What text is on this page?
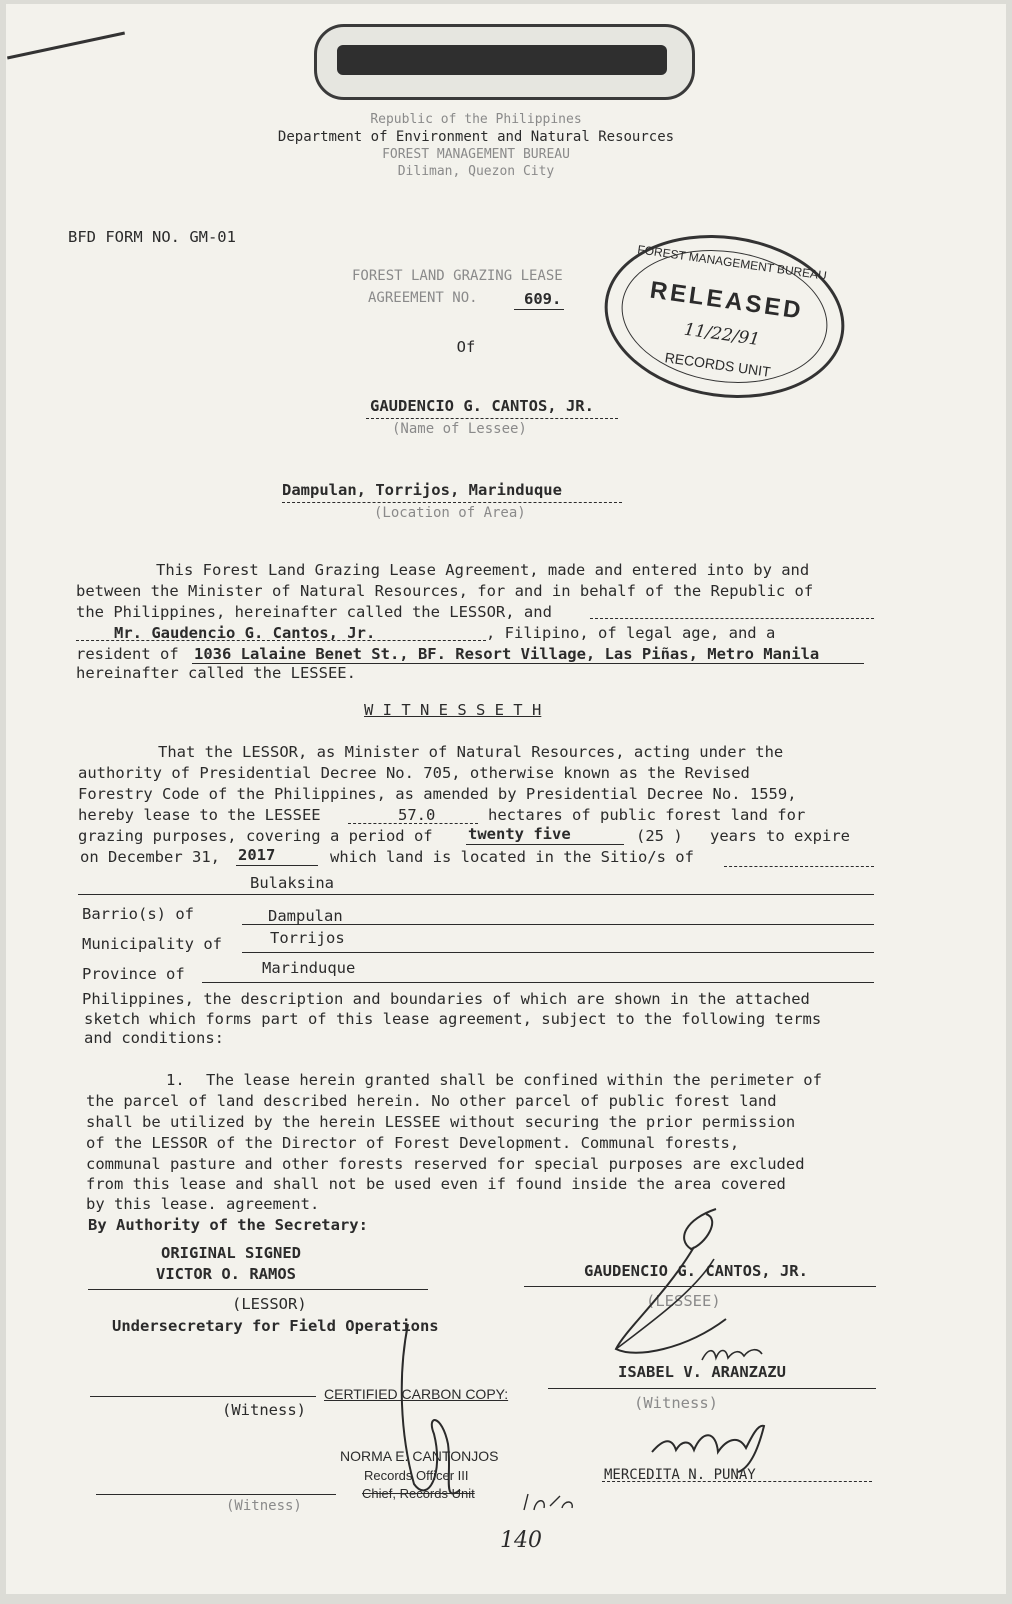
Republic of the Philippines
Department of Environment and Natural Resources
FOREST MANAGEMENT BUREAU
Diliman, Quezon City
BFD FORM NO. GM-01
FOREST LAND GRAZING LEASE
AGREEMENT NO.	609.
Of
FOREST MANAGEMENT BUREAU
RELEASED
11/22/91
RECORDS UNIT
GAUDENCIO G. CANTOS, JR.
(Name of Lessee)
Dampulan, Torrijos, Marinduque
(Location of Area)
This Forest Land Grazing Lease Agreement, made and entered into by and
between the Minister of Natural Resources, for and in behalf of the Republic of
the Philippines, hereinafter called the LESSOR, and
Mr. Gaudencio G. Cantos, Jr.	, Filipino, of legal age, and a
resident of 1036 Lalaine Benet St., BF. Resort Village, Las Piñas, Metro Manila
hereinafter called the LESSEE.
W I T N E S S E T H
That the LESSOR, as Minister of Natural Resources, acting under the
authority of Presidential Decree No. 705, otherwise known as the Revised
Forestry Code of the Philippines, as amended by Presidential Decree No. 1559,
hereby lease to the LESSEE	57.0	hectares of public forest land for
grazing purposes, covering a period of twenty five	(25 ) years to expire
on December 31, 2017	which land is located in the Sitio/s of
Bulaksina
Barrio(s) of	Dampulan
Municipality of	Torrijos
Province of	Marinduque
Philippines, the description and boundaries of which are shown in the attached
sketch which forms part of this lease agreement, subject to the following terms
and conditions:
1. The lease herein granted shall be confined within the perimeter of
the parcel of land described herein. No other parcel of public forest land
shall be utilized by the herein LESSEE without securing the prior permission
of the LESSOR of the Director of Forest Development. Communal forests,
communal pasture and other forests reserved for special purposes are excluded
from this lease and shall not be used even if found inside the area covered
by this lease. agreement.
By Authority of the Secretary:
ORIGINAL SIGNED
VICTOR O. RAMOS
(LESSOR)
Undersecretary for Field Operations
GAUDENCIO G. CANTOS, JR.
(LESSEE)
ISABEL V. ARANZAZU
(Witness)
CERTIFIED CARBON COPY:
(Witness)
NORMA E. CANTONJOS
Records Officer III
Chief, Records Unit
(Witness)
MERCEDITA N. PUNAY
140
